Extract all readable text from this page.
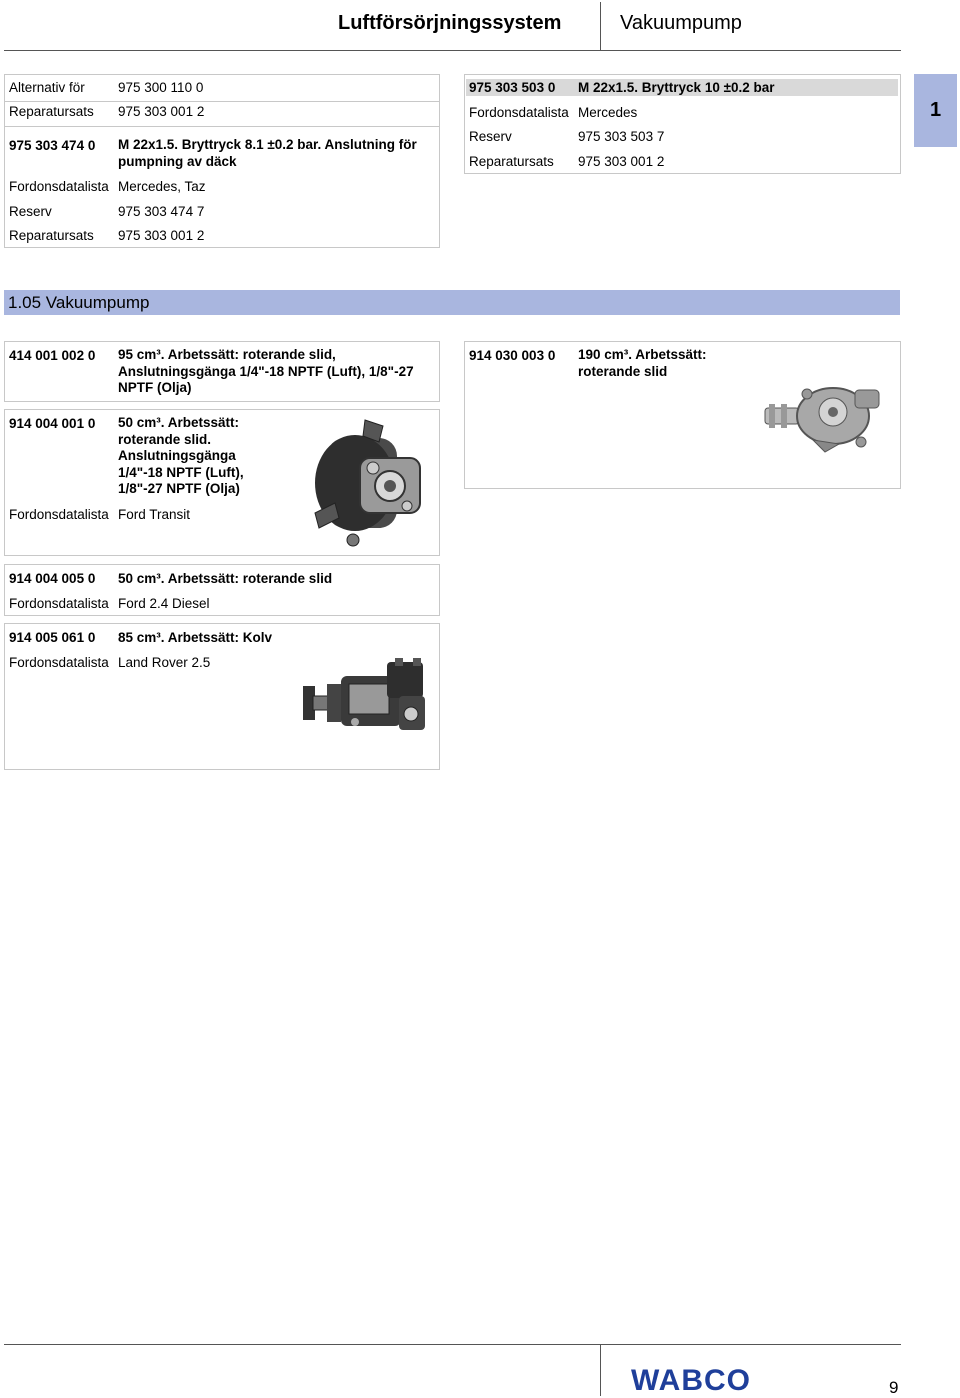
Luftförsörjningssystem	Vakuumpump
1
Alternativ för 975 300 110 0
Reparatursats 975 303 001 2
975 303 474 0 M 22x1.5. Bryttryck 8.1 ±0.2 bar. Anslutning för
pumpning av däck
Fordonsdatalista Mercedes, Taz
Reserv	975 303 474 7
Reparatursats 975 303 001 2
975 303 503 0 M 22x1.5. Bryttryck 10 ±0.2 bar
Fordonsdatalista Mercedes
Reserv	975 303 503 7
Reparatursats 975 303 001 2
1.05 Vakuumpump
414 001 002 0 95 cm³. Arbetssätt: roterande slid,
Anslutningsgänga 1/4"-18 NPTF (Luft), 1/8"-27
NPTF (Olja)
914 004 001 0 50 cm³. Arbetssätt:
roterande slid.
Anslutningsgänga
1/4"-18 NPTF (Luft),
1/8"-27 NPTF (Olja)
Fordonsdatalista Ford Transit
914 030 003 0 190 cm³. Arbetssätt:
roterande slid
914 004 005 0 50 cm³. Arbetssätt: roterande slid
Fordonsdatalista Ford 2.4 Diesel
914 005 061 0 85 cm³. Arbetssätt: Kolv
Fordonsdatalista Land Rover 2.5
WABCO	9
